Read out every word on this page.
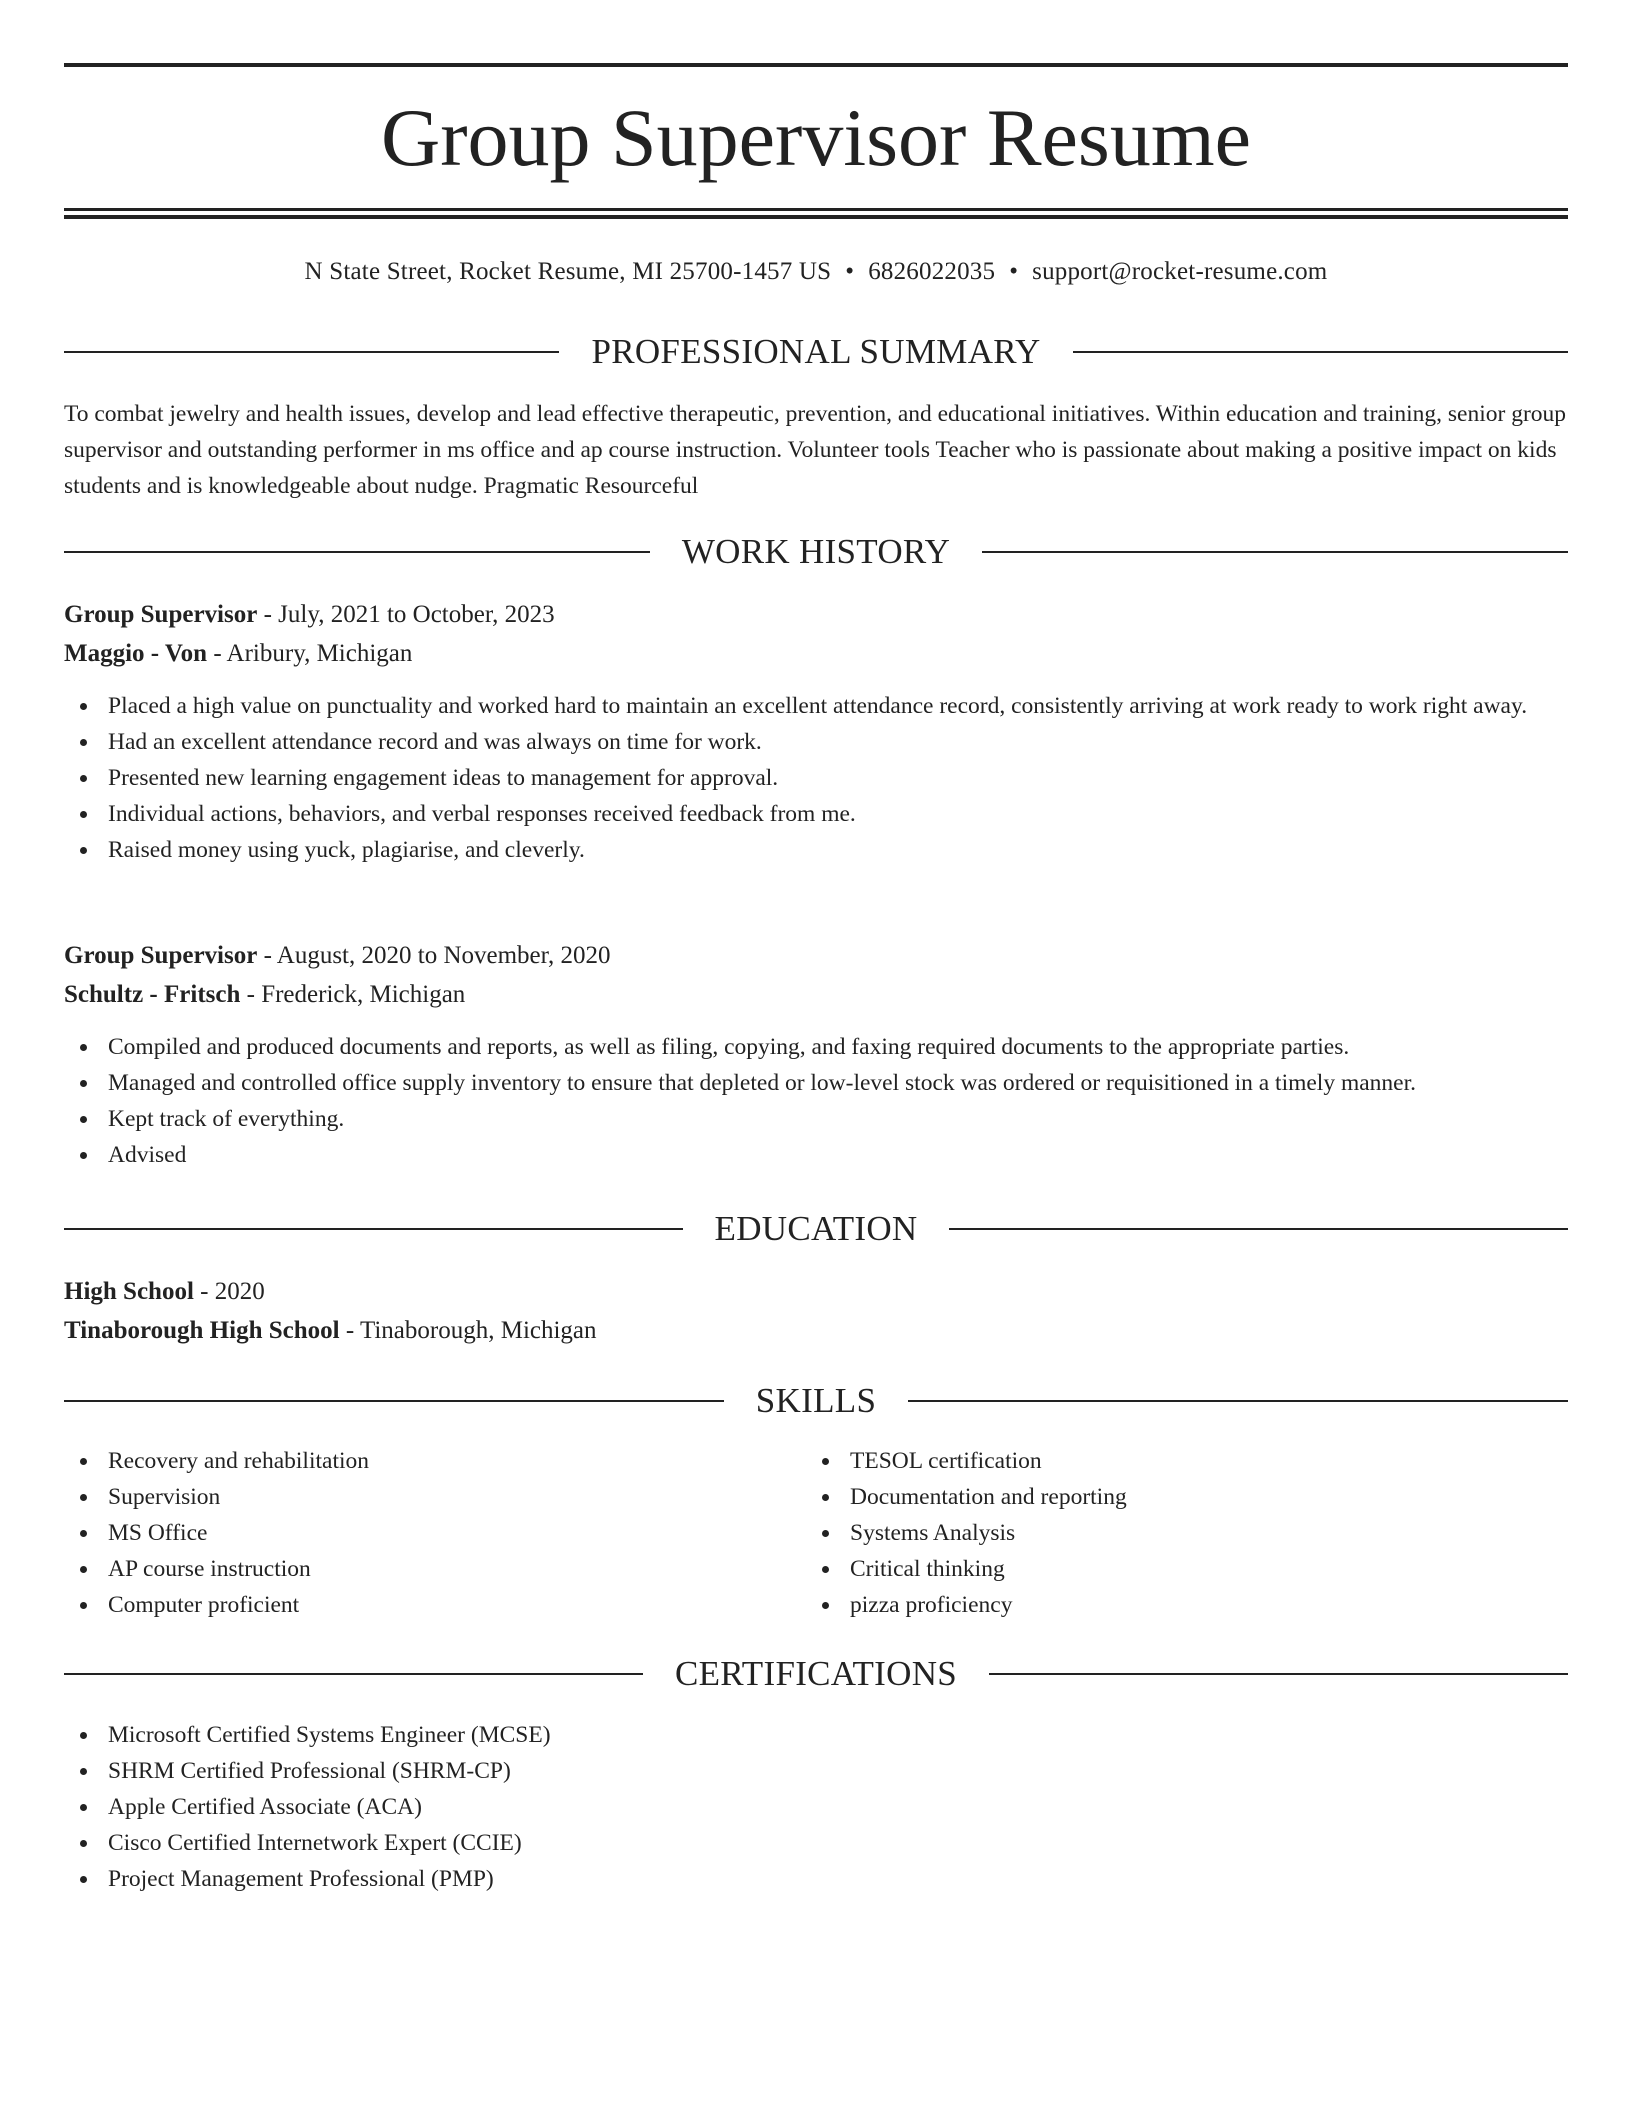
Group Supervisor Resume
N State Street, Rocket Resume, MI 25700-1457 US • 6826022035 • support@rocket-resume.com
PROFESSIONAL SUMMARY
To combat jewelry and health issues, develop and lead effective therapeutic, prevention, and educational initiatives. Within education and training, senior group supervisor and outstanding performer in ms office and ap course instruction. Volunteer tools Teacher who is passionate about making a positive impact on kids students and is knowledgeable about nudge. Pragmatic Resourceful
WORK HISTORY
Group Supervisor - July, 2021 to October, 2023
Maggio - Von - Aribury, Michigan
Placed a high value on punctuality and worked hard to maintain an excellent attendance record, consistently arriving at work ready to work right away.
Had an excellent attendance record and was always on time for work.
Presented new learning engagement ideas to management for approval.
Individual actions, behaviors, and verbal responses received feedback from me.
Raised money using yuck, plagiarise, and cleverly.
Group Supervisor - August, 2020 to November, 2020
Schultz - Fritsch - Frederick, Michigan
Compiled and produced documents and reports, as well as filing, copying, and faxing required documents to the appropriate parties.
Managed and controlled office supply inventory to ensure that depleted or low-level stock was ordered or requisitioned in a timely manner.
Kept track of everything.
Advised
EDUCATION
High School - 2020
Tinaborough High School - Tinaborough, Michigan
SKILLS
Recovery and rehabilitation
Supervision
MS Office
AP course instruction
Computer proficient
TESOL certification
Documentation and reporting
Systems Analysis
Critical thinking
pizza proficiency
CERTIFICATIONS
Microsoft Certified Systems Engineer (MCSE)
SHRM Certified Professional (SHRM-CP)
Apple Certified Associate (ACA)
Cisco Certified Internetwork Expert (CCIE)
Project Management Professional (PMP)
